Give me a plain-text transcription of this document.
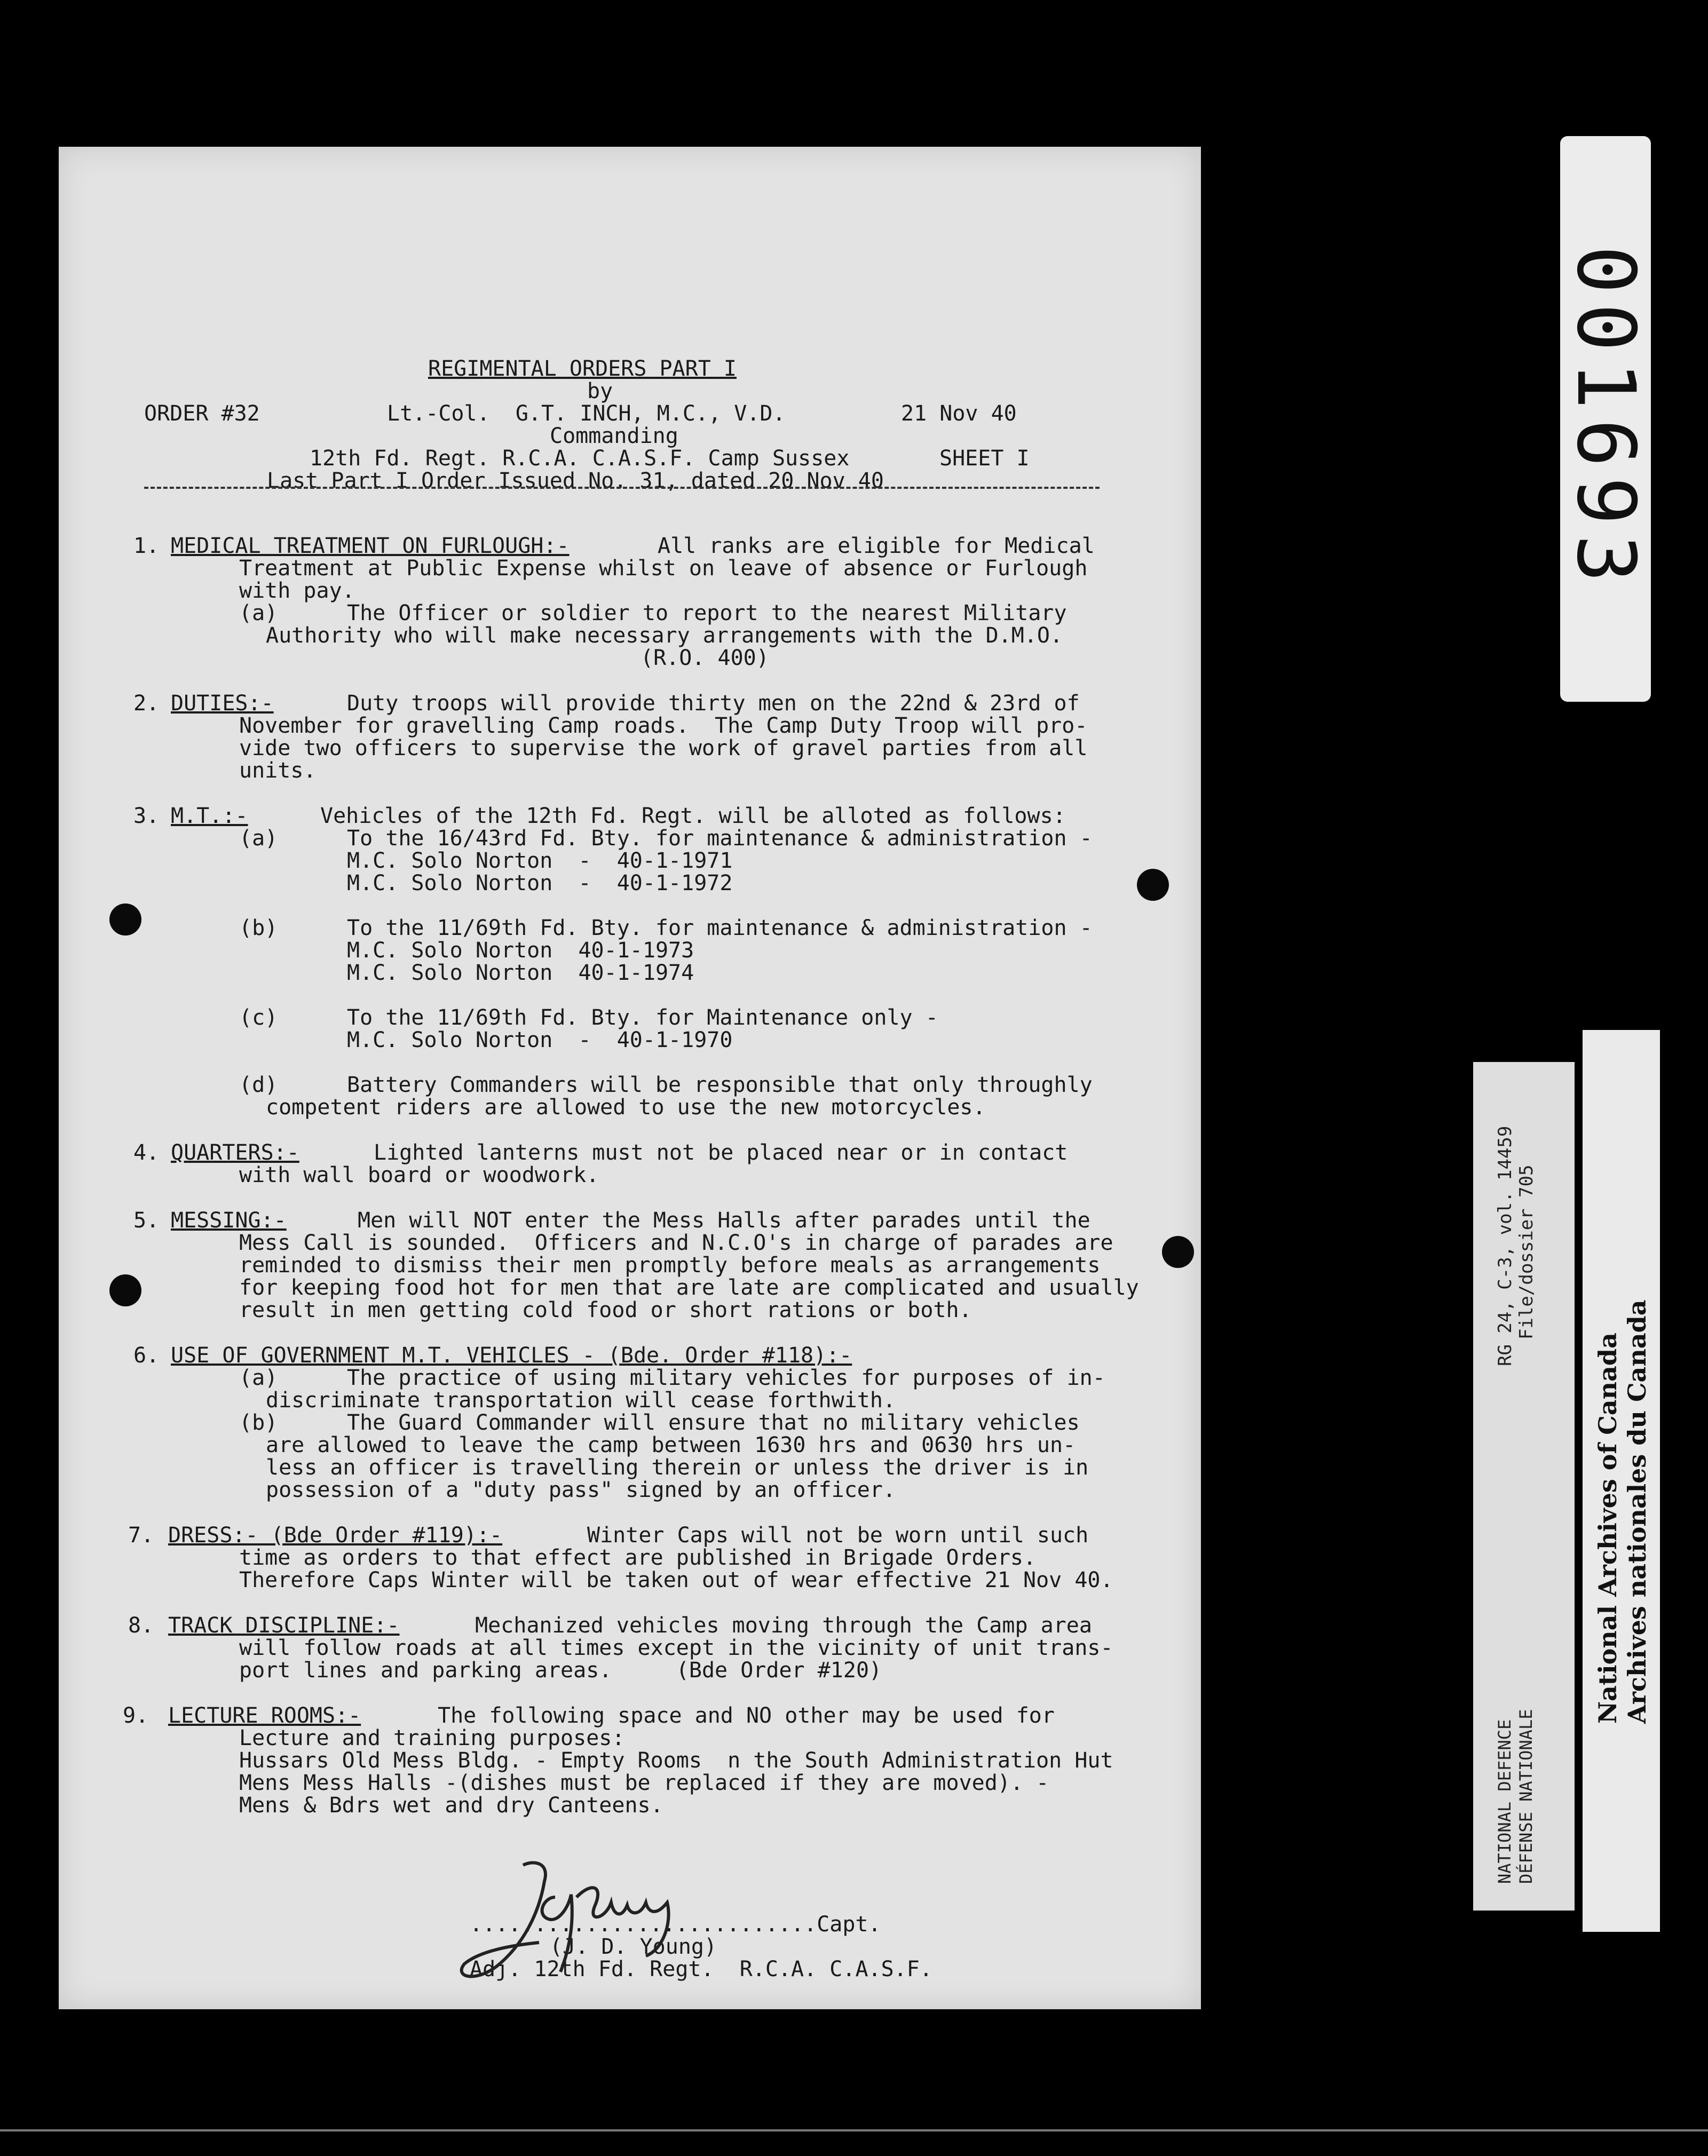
REGIMENTAL ORDERS PART I
by
ORDER #32	Lt.-Col.  G.T. INCH, M.C., V.D.	21 Nov 40
Commanding
12th Fd. Regt. R.C.A. C.A.S.F. Camp Sussex	SHEET I
Last Part I Order Issued No. 31, dated 20 Nov 40
1. MEDICAL TREATMENT ON FURLOUGH:-	All ranks are eligible for Medical
Treatment at Public Expense whilst on leave of absence or Furlough
with pay.
(a)	The Officer or soldier to report to the nearest Military
Authority who will make necessary arrangements with the D.M.O.
(R.O. 400)
2. DUTIES:-	Duty troops will provide thirty men on the 22nd & 23rd of
November for gravelling Camp roads.  The Camp Duty Troop will pro-
vide two officers to supervise the work of gravel parties from all
units.
3. M.T.:-	Vehicles of the 12th Fd. Regt. will be alloted as follows:
(a)	To the 16/43rd Fd. Bty. for maintenance & administration -
M.C. Solo Norton  -  40-1-1971
M.C. Solo Norton  -  40-1-1972
(b)	To the 11/69th Fd. Bty. for maintenance & administration -
M.C. Solo Norton  40-1-1973
M.C. Solo Norton  40-1-1974
(c)	To the 11/69th Fd. Bty. for Maintenance only -
M.C. Solo Norton  -  40-1-1970
(d)	Battery Commanders will be responsible that only throughly
competent riders are allowed to use the new motorcycles.
4. QUARTERS:-	Lighted lanterns must not be placed near or in contact
with wall board or woodwork.
5. MESSING:-	Men will NOT enter the Mess Halls after parades until the
Mess Call is sounded.  Officers and N.C.O's in charge of parades are
reminded to dismiss their men promptly before meals as arrangements
for keeping food hot for men that are late are complicated and usually
result in men getting cold food or short rations or both.
6. USE OF GOVERNMENT M.T. VEHICLES - (Bde. Order #118):-
(a)	The practice of using military vehicles for purposes of in-
discriminate transportation will cease forthwith.
(b)	The Guard Commander will ensure that no military vehicles
are allowed to leave the camp between 1630 hrs and 0630 hrs un-
less an officer is travelling therein or unless the driver is in
possession of a "duty pass" signed by an officer.
7. DRESS:- (Bde Order #119):-	Winter Caps will not be worn until such
time as orders to that effect are published in Brigade Orders.
Therefore Caps Winter will be taken out of wear effective 21 Nov 40.
8. TRACK DISCIPLINE:-	Mechanized vehicles moving through the Camp area
will follow roads at all times except in the vicinity of unit trans-
port lines and parking areas.     (Bde Order #120)
9. LECTURE ROOMS:-	The following space and NO other may be used for
Lecture and training purposes:
Hussars Old Mess Bldg. - Empty Rooms  n the South Administration Hut
Mens Mess Halls -(dishes must be replaced if they are moved). -
Mens & Bdrs wet and dry Canteens.
...........................Capt.
(J. D. Young)
Adj. 12th Fd. Regt.  R.C.A. C.A.S.F.
001693
RG 24, C-3, vol. 14459 File/dossier 705
NATIONAL DEFENCE DÉFENSE NATIONALE
National Archives of Canada Archives nationales du Canada
